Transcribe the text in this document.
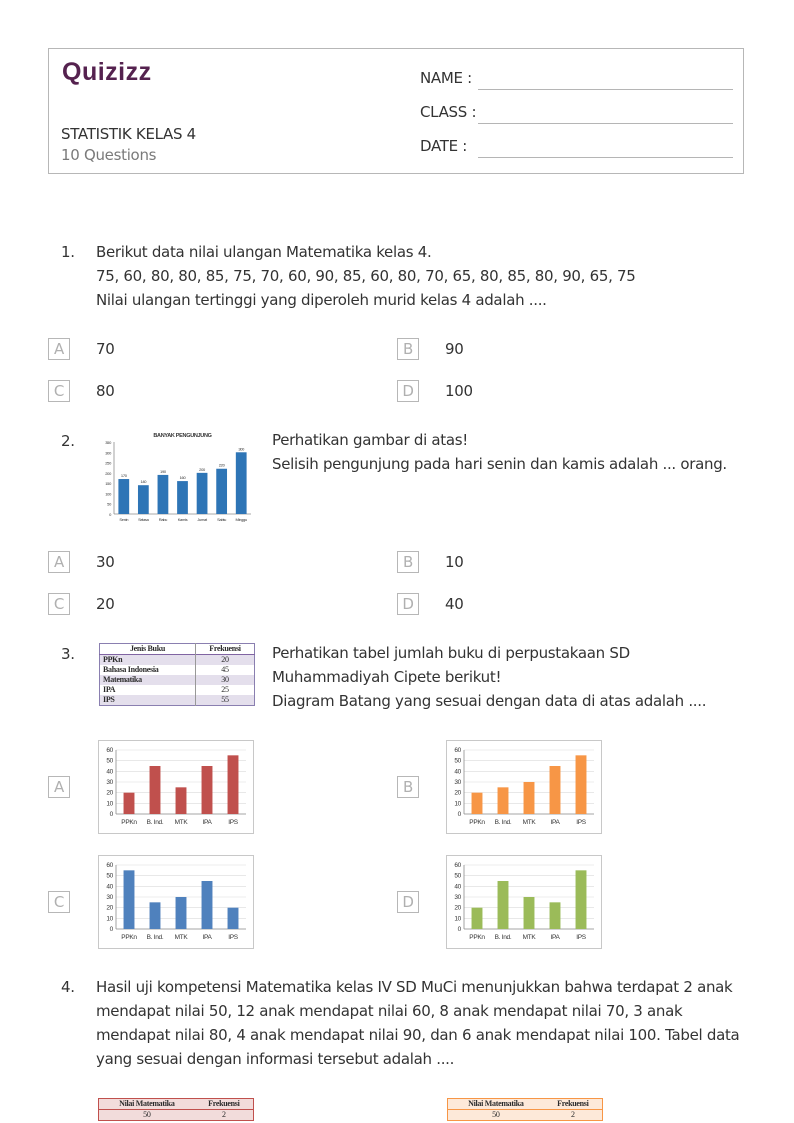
Quizizz
STATISTIK KELAS 4
10 Questions
NAME :
CLASS :
DATE :
1. Berikut data nilai ulangan Matematika kelas 4.
75, 60, 80, 80, 85, 75, 70, 60, 90, 85, 60, 80, 70, 65, 80, 85, 80, 90, 65, 75
Nilai ulangan tertinggi yang diperoleh murid kelas 4 adalah ....
A	70	B	90
C	80	D	100
2.
0
50
100
150
200
250
300
350
170
Senin
140
Selasa
190
Rabu
160
Kamis
200
Jumat
220
Sabtu
300
Minggu
BANYAK PENGUNJUNG	Perhatikan gambar di atas!
Selisih pengunjung pada hari senin dan kamis adalah ... orang.
A	30	B	10
C	20	D	40
3.	Jenis Buku	Frekuensi
PPKn	20
Bahasa Indonesia	45
Matematika	30
IPA	25
IPS	55
Perhatikan tabel jumlah buku di perpustakaan SD
Muhammadiyah Cipete berikut!
Diagram Batang yang sesuai dengan data di atas adalah ....
A
0
10
20
30
40
50
60
PPKn B. Ind. MTK IPA	IPS
B
0
10
20
30
40
50
60
PPKn B. Ind. MTK IPA	IPS
C
0
10
20
30
40
50
60
PPKn B. Ind. MTK IPA	IPS
D
0
10
20
30
40
50
60
PPKn B. Ind. MTK IPA	IPS
4. Hasil uji kompetensi Matematika kelas IV SD MuCi menunjukkan bahwa terdapat 2 anak
mendapat nilai 50, 12 anak mendapat nilai 60, 8 anak mendapat nilai 70, 3 anak
mendapat nilai 80, 4 anak mendapat nilai 90, dan 6 anak mendapat nilai 100. Tabel data
yang sesuai dengan informasi tersebut adalah ....
Nilai Matematika	Frekuensi
50	2
Nilai Matematika	Frekuensi
50	2
